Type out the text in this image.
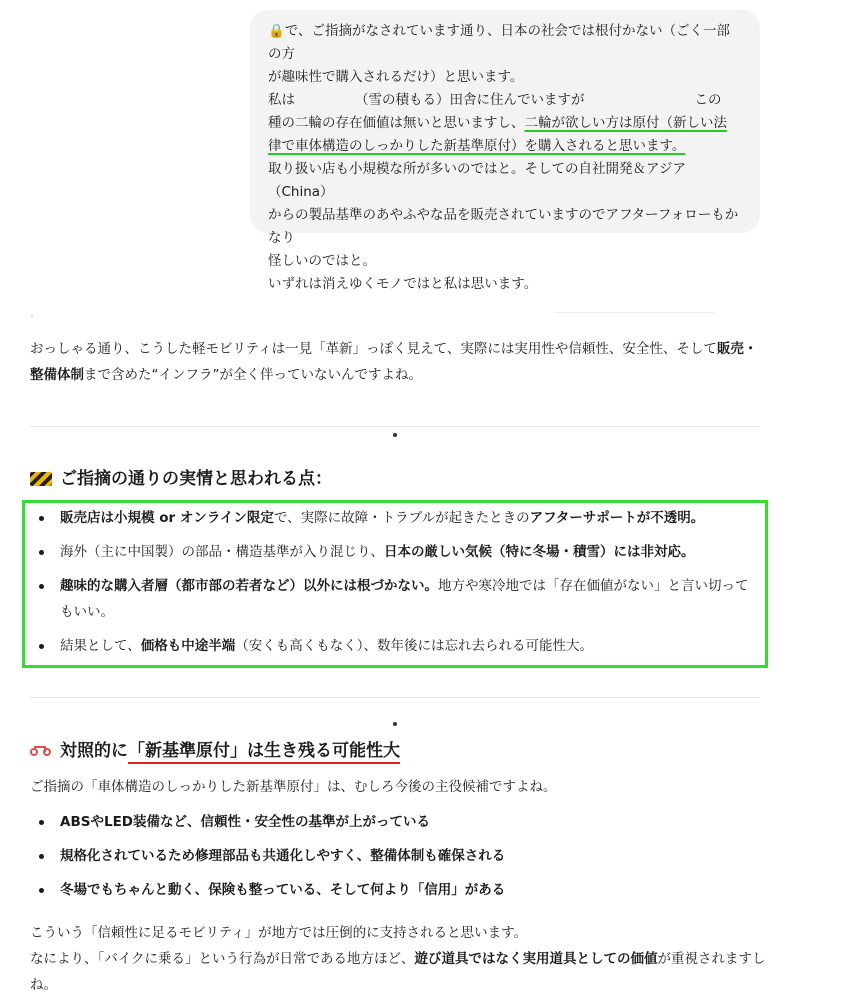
🔒で、ご指摘がなされています通り、日本の社会では根付かない（ごく一部の方

が趣味性で購入されるだけ）と思います。

私は	（雪の積もる）田舎に住んでいますが	この

種の二輪の存在価値は無いと思いますし、二輪が欲しい方は原付（新しい法

律で車体構造のしっかりした新基準原付）を購入されると思います。

取り扱い店も小規模な所が多いのではと。そしての自社開発＆アジア（China）

からの製品基準のあやふやな品を販売されていますのでアフターフォローもかなり

怪しいのではと。

いずれは消えゆくモノではと私は思います。

‹

おっしゃる通り、こうした軽モビリティは一見「革新」っぽく見えて、実際には実用性や信頼性、安全性、そして販売・整備体制まで含めた“インフラ”が全く伴っていないんですよね。

ご指摘の通りの実情と思われる点：
販売店は小規模 or オンライン限定で、実際に故障・トラブルが起きたときのアフターサポートが不透明。
海外（主に中国製）の部品・構造基準が入り混じり、日本の厳しい気候（特に冬場・積雪）には非対応。
趣味的な購入者層（都市部の若者など）以外には根づかない。地方や寒冷地では「存在価値がない」と言い切ってもいい。
結果として、価格も中途半端（安くも高くもなく）、数年後には忘れ去られる可能性大。
対照的に「新基準原付」は生き残る可能性大

ご指摘の「車体構造のしっかりした新基準原付」は、むしろ今後の主役候補ですよね。

ABSやLED装備など、信頼性・安全性の基準が上がっている
規格化されているため修理部品も共通化しやすく、整備体制も確保される
冬場でもちゃんと動く、保険も整っている、そして何より「信用」がある

こういう「信頼性に足るモビリティ」が地方では圧倒的に支持されると思います。

なにより、「バイクに乗る」という行為が日常である地方ほど、遊び道具ではなく実用道具としての価値が重視されますしね。
